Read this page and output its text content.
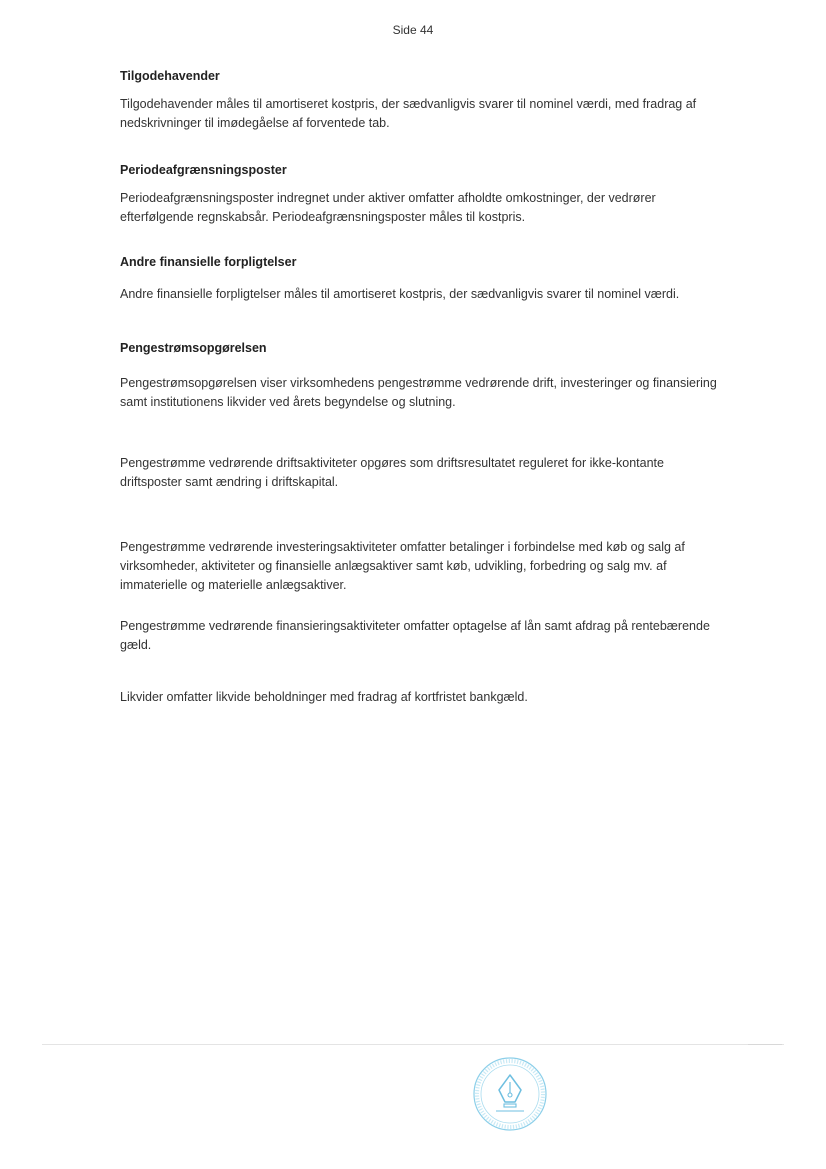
Side 44
Tilgodehavender
Tilgodehavender måles til amortiseret kostpris, der sædvanligvis svarer til nominel værdi, med fradrag af nedskrivninger til imødegåelse af forventede tab.
Periodeafgrænsningsposter
Periodeafgrænsningsposter indregnet under aktiver omfatter afholdte omkostninger, der vedrører efterfølgende regnskabsår. Periodeafgrænsningsposter måles til kostpris.
Andre finansielle forpligtelser
Andre finansielle forpligtelser måles til amortiseret kostpris, der sædvanligvis svarer til nominel værdi.
Pengestrømsopgørelsen
Pengestrømsopgørelsen viser virksomhedens pengestrømme vedrørende drift, investeringer og finansiering samt institutionens likvider ved årets begyndelse og slutning.
Pengestrømme vedrørende driftsaktiviteter opgøres som driftsresultatet reguleret for ikke-kontante driftsposter samt ændring i driftskapital.
Pengestrømme vedrørende investeringsaktiviteter omfatter betalinger i forbindelse med køb og salg af virksomheder, aktiviteter og finansielle anlægsaktiver samt køb, udvikling, forbedring og salg mv. af immaterielle og materielle anlægsaktiver.
Pengestrømme vedrørende finansieringsaktiviteter omfatter optagelse af lån samt afdrag på rentebærende gæld.
Likvider omfatter likvide beholdninger med fradrag af kortfristet bankgæld.
